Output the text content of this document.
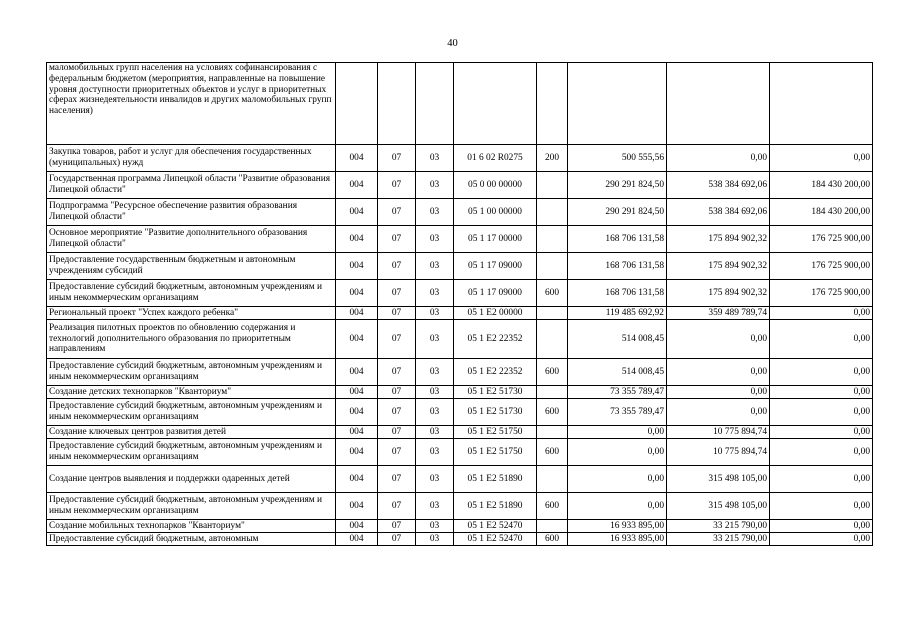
40
маломобильных групп населения на условиях софинансирования с федеральным бюджетом (мероприятия, направленные на повышение уровня доступности приоритетных объектов и услуг в приоритетных сферах жизнедеятельности инвалидов и других маломобильных групп населения)								
Закупка товаров, работ и услуг для обеспечения государственных (муниципальных) нужд	004	07	03	01 6 02 R0275	200	500 555,56	0,00	0,00
Государственная программа Липецкой области "Развитие образования Липецкой области"	004	07	03	05 0 00 00000		290 291 824,50	538 384 692,06	184 430 200,00
Подпрограмма "Ресурсное обеспечение развития образования Липецкой области"	004	07	03	05 1 00 00000		290 291 824,50	538 384 692,06	184 430 200,00
Основное мероприятие "Развитие дополнительного образования Липецкой области"	004	07	03	05 1 17 00000		168 706 131,58	175 894 902,32	176 725 900,00
Предоставление государственным бюджетным и автономным учреждениям субсидий	004	07	03	05 1 17 09000		168 706 131,58	175 894 902,32	176 725 900,00
Предоставление субсидий бюджетным, автономным учреждениям и иным некоммерческим организациям	004	07	03	05 1 17 09000	600	168 706 131,58	175 894 902,32	176 725 900,00
Региональный проект "Успех каждого ребенка"	004	07	03	05 1 E2 00000		119 485 692,92	359 489 789,74	0,00
Реализация пилотных проектов по обновлению содержания и технологий дополнительного образования по приоритетным направлениям	004	07	03	05 1 E2 22352		514 008,45	0,00	0,00
Предоставление субсидий бюджетным, автономным учреждениям и иным некоммерческим организациям	004	07	03	05 1 E2 22352	600	514 008,45	0,00	0,00
Создание детских технопарков "Кванториум"	004	07	03	05 1 E2 51730		73 355 789,47	0,00	0,00
Предоставление субсидий бюджетным, автономным учреждениям и иным некоммерческим организациям	004	07	03	05 1 E2 51730	600	73 355 789,47	0,00	0,00
Создание ключевых центров развития детей	004	07	03	05 1 E2 51750		0,00	10 775 894,74	0,00
Предоставление субсидий бюджетным, автономным учреждениям и иным некоммерческим организациям	004	07	03	05 1 E2 51750	600	0,00	10 775 894,74	0,00
Создание центров выявления и поддержки одаренных детей	004	07	03	05 1 E2 51890		0,00	315 498 105,00	0,00
Предоставление субсидий бюджетным, автономным учреждениям и иным некоммерческим организациям	004	07	03	05 1 E2 51890	600	0,00	315 498 105,00	0,00
Создание мобильных технопарков "Кванториум"	004	07	03	05 1 E2 52470		16 933 895,00	33 215 790,00	0,00
Предоставление субсидий бюджетным, автономным	004	07	03	05 1 E2 52470	600	16 933 895,00	33 215 790,00	0,00
